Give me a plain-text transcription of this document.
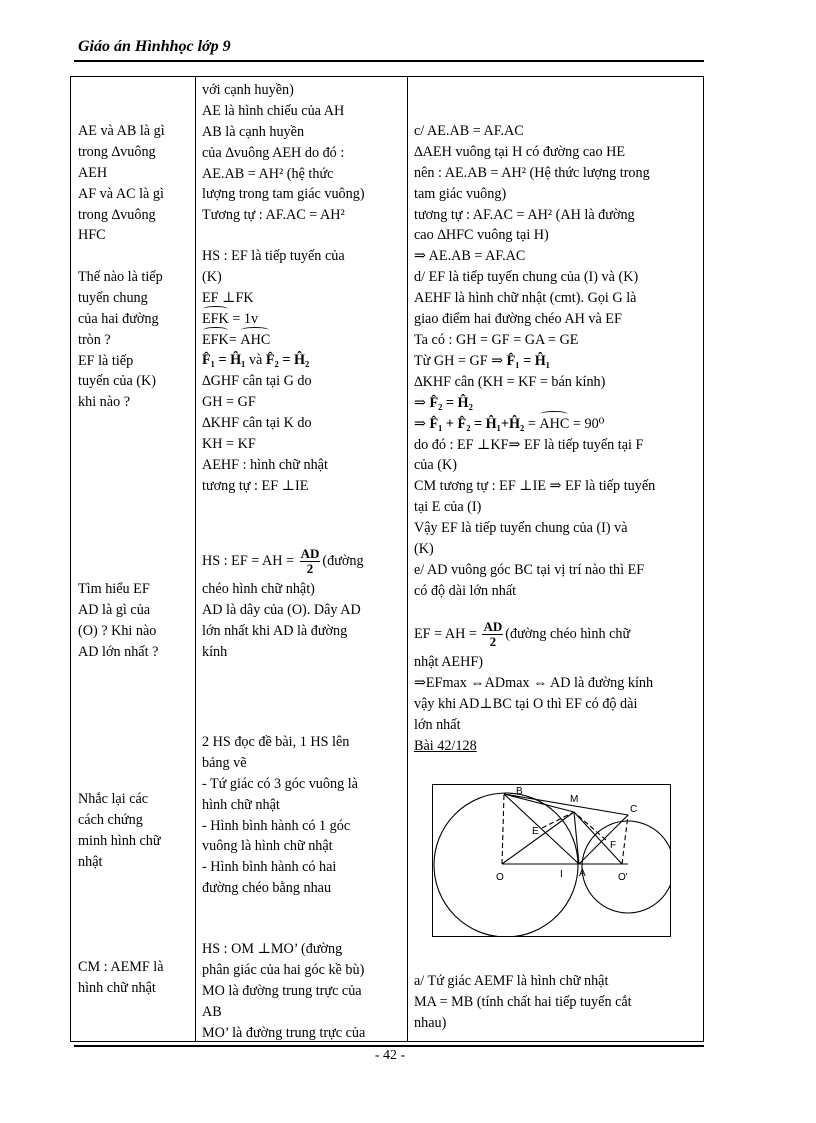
Giáo án Hìnhhọc lớp 9
AE và AB là gì
trong ∆vuông
AEH
AF và AC là gì
trong ∆vuông
HFC
Thế nào là tiếp
tuyến chung
của hai đường
tròn ?
EF là tiếp
tuyến của (K)
khi nào ?
Tìm hiểu EF
AD là gì của
(O) ? Khi nào
AD lớn nhất ?
Nhắc lại các
cách chứng
minh hình chữ
nhật
CM : AEMF là
hình chữ nhật
với cạnh huyền)
AE là hình chiếu của AH
AB là cạnh huyền
của ∆vuông AEH do đó :
AE.AB = AH² (hệ thức
lượng trong tam giác vuông)
Tương tự : AF.AC = AH²
HS : EF là tiếp tuyến của
(K)
EF ⊥FK
EFK = 1v
EFK= AHC
F̂₁ = Ĥ₁ và F̂₂ = Ĥ₂
∆GHF cân tại G do
GH = GF
∆KHF cân tại K do
KH = KF
AEHF : hình chữ nhật
tương tự : EF ⊥IE
HS : EF = AH = $\frac{AD}{2}$ (đường
chéo hình chữ nhật)
AD là dây của (O). Dây AD
lớn nhất khi AD là đường
kính
2 HS đọc đề bài, 1 HS lên
bảng vẽ
- Tứ giác có 3 góc vuông là
hình chữ nhật
- Hình bình hành có 1 góc
vuông là hình chữ nhật
- Hình bình hành có hai
đường chéo bằng nhau
HS : OM ⊥MO’ (đường
phân giác của hai góc kề bù)
MO là đường trung trực của
AB
MO’ là đường trung trực của
c/ AE.AB = AF.AC
∆AEH vuông tại H có đường cao HE
nên : AE.AB = AH² (Hệ thức lượng trong
tam giác vuông)
tương tự : AF.AC = AH² (AH là đường
cao ∆HFC vuông tại H)
⇒ AE.AB = AF.AC
d/ EF là tiếp tuyến chung của (I) và (K)
AEHF là hình chữ nhật (cmt). Gọi G là
giao điểm hai đường chéo AH và EF
Ta có : GH = GF = GA = GE
Từ GH = GF ⇒ F̂₁ = Ĥ₁
∆KHF cân (KH = KF = bán kính)
⇒ F̂₂ = Ĥ₂
⇒ F̂₁ + F̂₂ = Ĥ₁+Ĥ₂ = AHC = 90⁰
do đó : EF ⊥KF⇒ EF là tiếp tuyến tại F
của (K)
CM tương tự : EF ⊥IE ⇒ EF là tiếp tuyến
tại E của (I)
Vậy EF là tiếp tuyến chung của (I) và
(K)
e/ AD vuông góc BC tại vị trí nào thì EF
có độ dài lớn nhất
EF = AH = $\frac{AD}{2}$ (đường chéo hình chữ
nhật AEHF)
⇒EFmax ⇔ADmax ⇔ AD là đường kính
vậy khi AD⊥BC tại O thì EF có độ dài
lớn nhất
Bài 42/128
a/ Tứ giác AEMF là hình chữ nhật
MA = MB (tính chất hai tiếp tuyến cắt
nhau)
B
M
C
E
F
O	I A	O'
- 42 -
